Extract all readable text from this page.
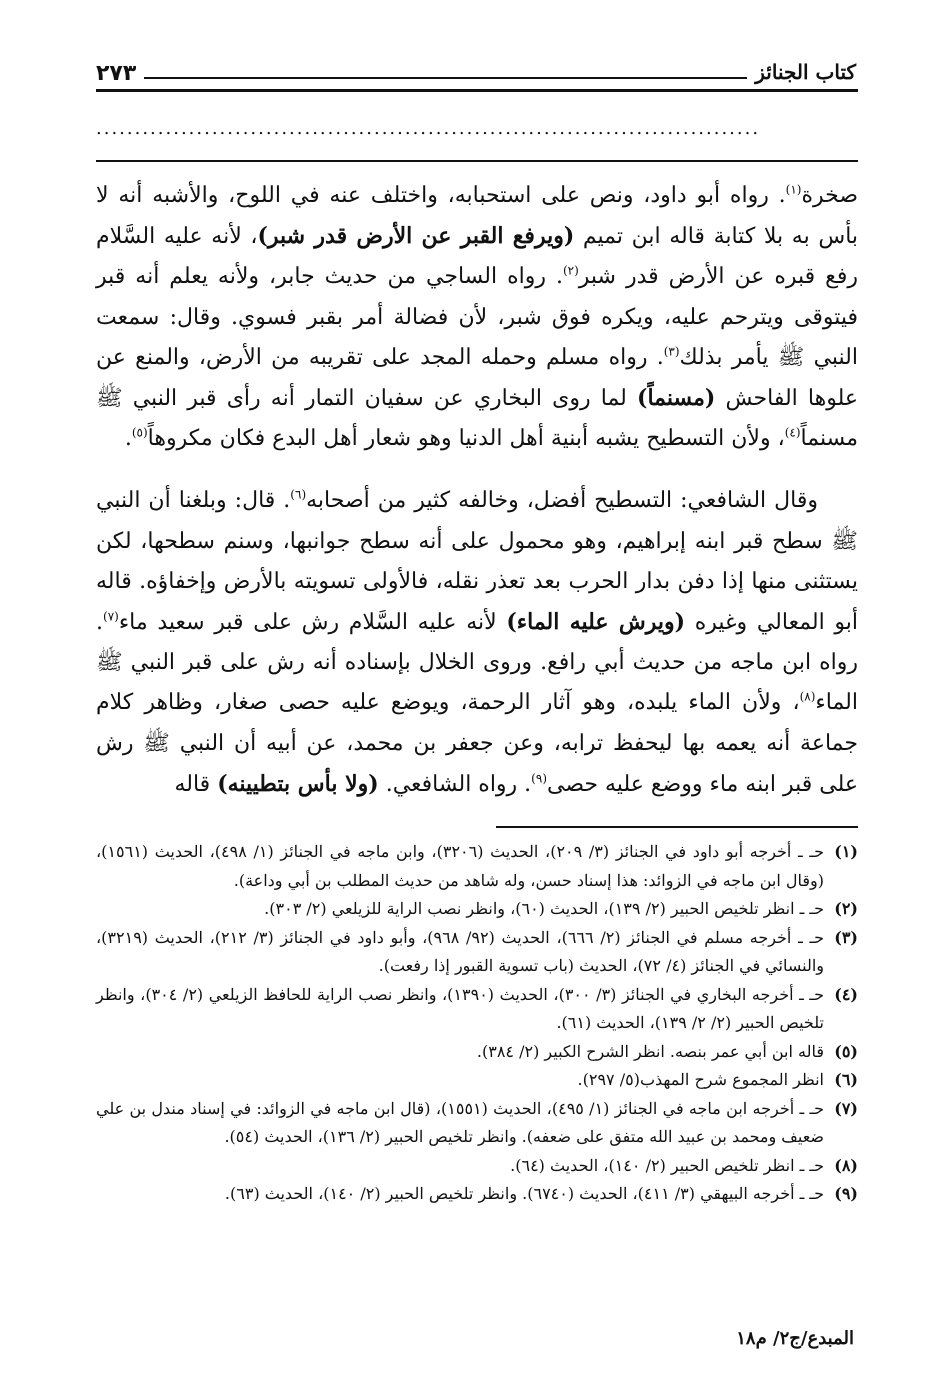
كتاب الجنائز
٢٧٣
......................................................................................

صخرة$^{(١)}$. رواه أبو داود، ونص على استحبابه، واختلف عنه في اللوح، والأشبه أنه لا بأس به بلا كتابة قاله ابن تميم (ويرفع القبر عن الأرض قدر شبر)، لأنه عليه السَّلام رفع قبره عن الأرض قدر شبر$^{(٢)}$. رواه الساجي من حديث جابر، ولأنه يعلم أنه قبر فيتوقى ويترحم عليه، ويكره فوق شبر، لأن فضالة أمر بقبر فسوي. وقال: سمعت النبي ﷺ يأمر بذلك$^{(٣)}$. رواه مسلم وحمله المجد على تقريبه من الأرض، والمنع عن علوها الفاحش (مسنماً) لما روى البخاري عن سفيان التمار أنه رأى قبر النبي ﷺ مسنماً$^{(٤)}$، ولأن التسطيح يشبه أبنية أهل الدنيا وهو شعار أهل البدع فكان مكروهاً$^{(٥)}$.

وقال الشافعي: التسطيح أفضل، وخالفه كثير من أصحابه$^{(٦)}$. قال: وبلغنا أن النبي ﷺ سطح قبر ابنه إبراهيم، وهو محمول على أنه سطح جوانبها، وسنم سطحها، لكن يستثنى منها إذا دفن بدار الحرب بعد تعذر نقله، فالأولى تسويته بالأرض وإخفاؤه. قاله أبو المعالي وغيره (ويرش عليه الماء) لأنه عليه السَّلام رش على قبر سعيد ماء$^{(٧)}$. رواه ابن ماجه من حديث أبي رافع. وروى الخلال بإسناده أنه رش على قبر النبي ﷺ الماء$^{(٨)}$، ولأن الماء يلبده، وهو آثار الرحمة، ويوضع عليه حصى صغار، وظاهر كلام جماعة أنه يعمه بها ليحفظ ترابه، وعن جعفر بن محمد، عن أبيه أن النبي ﷺ رش على قبر ابنه ماء ووضع عليه حصى$^{(٩)}$. رواه الشافعي. (ولا بأس بتطيينه) قاله

(١)
حـ ـ أخرجه أبو داود في الجنائز (٣/ ٢٠٩)، الحديث (٣٢٠٦)، وابن ماجه في الجنائز (١/ ٤٩٨)، الحديث (١٥٦١)، (وقال ابن ماجه في الزوائد: هذا إسناد حسن، وله شاهد من حديث المطلب بن أبي وداعة).
(٢)
حـ ـ انظر تلخيص الحبير (٢/ ١٣٩)، الحديث (٦٠)، وانظر نصب الراية للزيلعي (٢/ ٣٠٣).
(٣)
حـ ـ أخرجه مسلم في الجنائز (٢/ ٦٦٦)، الحديث (٩٢/ ٩٦٨)، وأبو داود في الجنائز (٣/ ٢١٢)، الحديث (٣٢١٩)، والنسائي في الجنائز (٤/ ٧٢)، الحديث (باب تسوية القبور إذا رفعت).
(٤)
حـ ـ أخرجه البخاري في الجنائز (٣/ ٣٠٠)، الحديث (١٣٩٠)، وانظر نصب الراية للحافظ الزيلعي (٢/ ٣٠٤)، وانظر تلخيص الحبير (٢/ ٢/ ١٣٩)، الحديث (٦١).
(٥)
قاله ابن أبي عمر بنصه. انظر الشرح الكبير (٢/ ٣٨٤).
(٦)
انظر المجموع شرح المهذب(٥/ ٢٩٧).
(٧)
حـ ـ أخرجه ابن ماجه في الجنائز (١/ ٤٩٥)، الحديث (١٥٥١)، (قال ابن ماجه في الزوائد: في إسناد مندل بن علي ضعيف ومحمد بن عبيد الله متفق على ضعفه). وانظر تلخيص الحبير (٢/ ١٣٦)، الحديث (٥٤).
(٨)
حـ ـ انظر تلخيص الحبير (٢/ ١٤٠)، الحديث (٦٤).
(٩)
حـ ـ أخرجه البيهقي (٣/ ٤١١)، الحديث (٦٧٤٠). وانظر تلخيص الحبير (٢/ ١٤٠)، الحديث (٦٣).
المبدع/ج٢/ م١٨
